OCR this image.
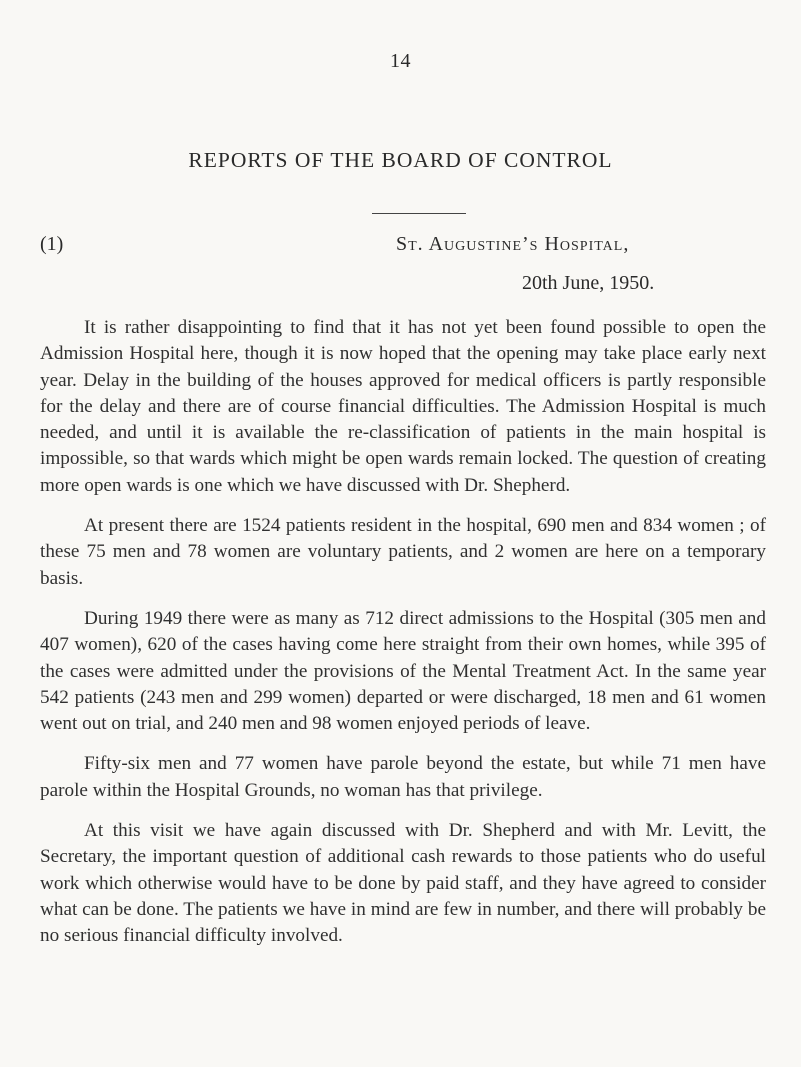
14
REPORTS OF THE BOARD OF CONTROL
(1)	St. Augustine’s Hospital,
20th June, 1950.

It is rather disappointing to find that it has not yet been found possible to open the Admission Hospital here, though it is now hoped that the opening may take place early next year. Delay in the building of the houses approved for medical officers is partly responsible for the delay and there are of course financial difficulties. The Admission Hospital is much needed, and until it is available the re-classification of patients in the main hospital is impossible, so that wards which might be open wards remain locked. The question of creating more open wards is one which we have discussed with Dr. Shepherd.

At present there are 1524 patients resident in the hospital, 690 men and 834 women ; of these 75 men and 78 women are voluntary patients, and 2 women are here on a temporary basis.

During 1949 there were as many as 712 direct admissions to the Hospital (305 men and 407 women), 620 of the cases having come here straight from their own homes, while 395 of the cases were admitted under the provisions of the Mental Treatment Act. In the same year 542 patients (243 men and 299 women) departed or were discharged, 18 men and 61 women went out on trial, and 240 men and 98 women enjoyed periods of leave.

Fifty-six men and 77 women have parole beyond the estate, but while 71 men have parole within the Hospital Grounds, no woman has that privilege.

At this visit we have again discussed with Dr. Shepherd and with Mr. Levitt, the Secretary, the important question of additional cash rewards to those patients who do useful work which otherwise would have to be done by paid staff, and they have agreed to consider what can be done. The patients we have in mind are few in number, and there will probably be no serious financial difficulty involved.
